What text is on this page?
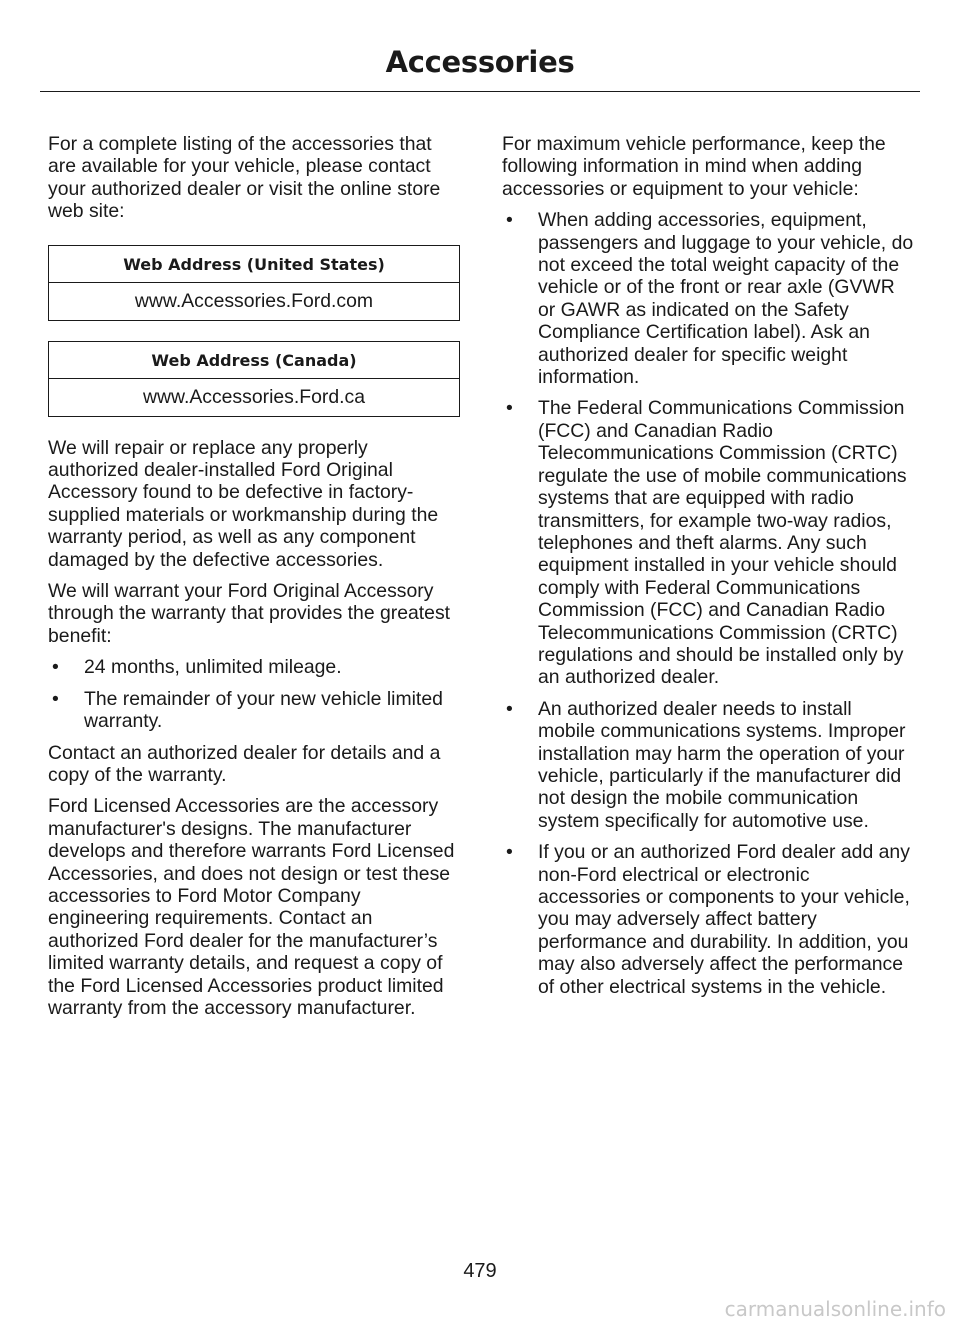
Accessories

For a complete listing of the accessories that are available for your vehicle, please contact your authorized dealer or visit the online store web site:

Web Address (United States)
www.Accessories.Ford.com
Web Address (Canada)
www.Accessories.Ford.ca

We will repair or replace any properly authorized dealer-installed Ford Original Accessory found to be defective in factory-supplied materials or workmanship during the warranty period, as well as any component damaged by the defective accessories.

We will warrant your Ford Original Accessory through the warranty that provides the greatest benefit:

• 24 months, unlimited mileage.
• The remainder of your new vehicle limited warranty.

Contact an authorized dealer for details and a copy of the warranty.

Ford Licensed Accessories are the accessory manufacturer's designs. The manufacturer develops and therefore warrants Ford Licensed Accessories, and does not design or test these accessories to Ford Motor Company engineering requirements. Contact an authorized Ford dealer for the manufacturer’s limited warranty details, and request a copy of the Ford Licensed Accessories product limited warranty from the accessory manufacturer.

For maximum vehicle performance, keep the following information in mind when adding accessories or equipment to your vehicle:

• When adding accessories, equipment, passengers and luggage to your vehicle, do not exceed the total weight capacity of the vehicle or of the front or rear axle (GVWR or GAWR as indicated on the Safety Compliance Certification label). Ask an authorized dealer for specific weight information.
• The Federal Communications Commission (FCC) and Canadian Radio Telecommunications Commission (CRTC) regulate the use of mobile communications systems that are equipped with radio transmitters, for example two-way radios, telephones and theft alarms. Any such equipment installed in your vehicle should comply with Federal Communications Commission (FCC) and Canadian Radio Telecommunications Commission (CRTC) regulations and should be installed only by an authorized dealer.
• An authorized dealer needs to install mobile communications systems. Improper installation may harm the operation of your vehicle, particularly if the manufacturer did not design the mobile communication system specifically for automotive use.
• If you or an authorized Ford dealer add any non-Ford electrical or electronic accessories or components to your vehicle, you may adversely affect battery performance and durability. In addition, you may also adversely affect the performance of other electrical systems in the vehicle.
479
carmanualsonline.info
